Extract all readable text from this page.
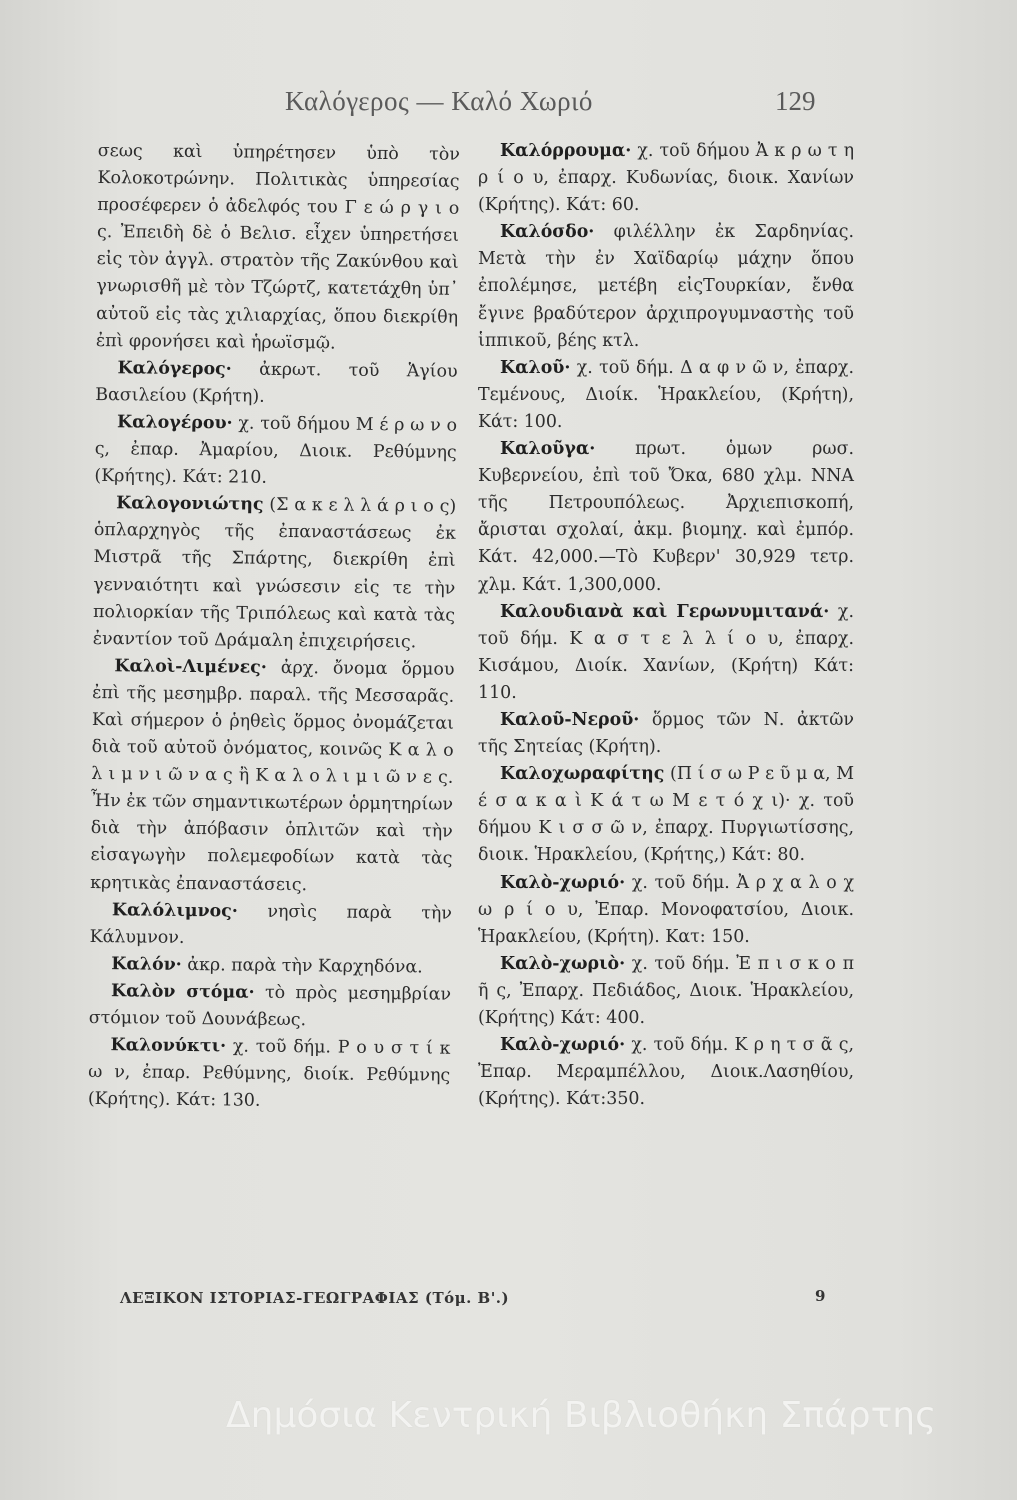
Καλόγερος — Καλό Χωριό	129

σεως καὶ ὑπηρέτησεν ὑπὸ τὸν Κολοκοτρώνην. Πολιτικὰς ὑπηρεσίας προσέφερεν ὁ ἀδελφός του Γ ε ώ ρ γ ι ο ς. Ἐπειδὴ δὲ ὁ Βελισ. εἶχεν ὑπηρετήσει εἰς τὸν ἀγγλ. στρατὸν τῆς Ζακύνθου καὶ γνωρισθῆ μὲ τὸν Τζώρτζ, κατετάχθη ὑπ᾽ αὐτοῦ εἰς τὰς χιλιαρχίας, ὅπου διεκρίθη ἐπὶ φρονήσει καὶ ἡρωϊσμῷ.

Καλόγερος· ἀκρωτ. τοῦ Ἁγίου Βασιλείου (Κρήτη).

Καλογέρου· χ. τοῦ δήμου Μ έ ρ ω ν ο ς, ἐπαρ. Ἀμαρίου, Διοικ. Ρεθύμνης (Κρήτης). Κάτ: 210.

Καλογονιώτης (Σ α κ ε λ λ ά ρ ι ο ς) ὁπλαρχηγὸς τῆς ἐπαναστάσεως ἐκ Μιστρᾶ τῆς Σπάρτης, διεκρίθη ἐπὶ γενναιότητι καὶ γνώσεσιν εἰς τε τὴν πολιορκίαν τῆς Τριπόλεως καὶ κατὰ τὰς ἐναντίον τοῦ Δράμαλη ἐπιχειρήσεις.

Καλοὶ-Λιμένες· ἀρχ. ὄνομα ὅρμου ἐπὶ τῆς μεσημβρ. παραλ. τῆς Μεσσαρᾶς. Καὶ σήμερον ὁ ῥηθεὶς ὅρμος ὀνομάζεται διὰ τοῦ αὐτοῦ ὀνόματος, κοινῶς Κ α λ ο λ ι μ ν ι ῶ ν α ς ἢ Κ α λ ο λ ι μ ι ῶ ν ε ς. Ἦν ἐκ τῶν σημαντικωτέρων ὁρμητηρίων διὰ τὴν ἀπόβασιν ὁπλιτῶν καὶ τὴν εἰσαγωγὴν πολεμεφοδίων κατὰ τὰς κρητικὰς ἐπαναστάσεις.

Καλόλιμνος· νησὶς παρὰ τὴν Κάλυμνον.

Καλόν· ἀκρ. παρὰ τὴν Καρχηδόνα.

Καλὸν στόμα· τὸ πρὸς μεσημβρίαν στόμιον τοῦ Δουνάβεως.

Καλονύκτι· χ. τοῦ δήμ. Ρ ο υ σ τ ί κ ω ν, ἐπαρ. Ρεθύμνης, διοίκ. Ρεθύμνης (Κρήτης). Κάτ: 130.

Καλόρρουμα· χ. τοῦ δήμου Ἀ κ ρ ω τ η ρ ί ο υ, ἐπαρχ. Κυδωνίας, διοικ. Χανίων (Κρήτης). Κάτ: 60.

Καλόσδο· φιλέλλην ἐκ Σαρδηνίας. Μετὰ τὴν ἐν Χαϊδαρίῳ μάχην ὅπου ἐπολέμησε, μετέβη εἰςΤουρκίαν, ἔνθα ἔγινε βραδύτερον ἀρχιπρογυμναστὴς τοῦ ἱππικοῦ, βέης κτλ.

Καλοῦ· χ. τοῦ δήμ. Δ α φ ν ῶ ν, ἐπαρχ. Τεμένους, Διοίκ. Ἡρακλείου, (Κρήτη), Κάτ: 100.

Καλοῦγα· πρωτ. ὁμων ρωσ. Κυβερνείου, ἐπὶ τοῦ Ὄκα, 680 χλμ. ΝΝΑ τῆς Πετρουπόλεως. Ἀρχιεπισκοπή, ἄρισται σχολαί, ἀκμ. βιομηχ. καὶ ἐμπόρ. Κάτ. 42,000.—Τὸ Κυβερν' 30,929 τετρ. χλμ. Κάτ. 1,300,000.

Καλουδιανὰ καὶ Γερωνυμιτανά· χ. τοῦ δήμ. Κ α σ τ ε λ λ ί ο υ, ἐπαρχ. Κισάμου, Διοίκ. Χανίων, (Κρήτη) Κάτ: 110.

Καλοῦ-Νεροῦ· ὅρμος τῶν Ν. ἀκτῶν τῆς Σητείας (Κρήτη).

Καλοχωραφίτης (Π ί σ ω Ρ ε ῦ μ α, Μ έ σ α κ α ὶ Κ ά τ ω Μ ε τ ό χ ι)· χ. τοῦ δήμου Κ ι σ σ ῶ ν, ἐπαρχ. Πυργιωτίσσης, διοικ. Ἡρακλείου, (Κρήτης,) Κάτ: 80.

Καλὸ-χωριό· χ. τοῦ δήμ. Ἀ ρ χ α λ ο χ ω ρ ί ο υ, Ἐπαρ. Μονοφατσίου, Διοικ. Ἡρακλείου, (Κρήτη). Κατ: 150.

Καλὸ-χωριὸ· χ. τοῦ δήμ. Ἐ π ι σ κ ο π ῆ ς, Ἐπαρχ. Πεδιάδος, Διοικ. Ἡρακλείου, (Κρήτης) Κάτ: 400.

Καλὸ-χωριό· χ. τοῦ δήμ. Κ ρ η τ σ ᾶ ς, Ἐπαρ. Μεραμπέλλου, Διοικ.Λασηθίου, (Κρήτης). Κάτ:350.

ΛΕΞΙΚΟΝ ΙΣΤΟΡΙΑΣ-ΓΕΩΓΡΑΦΙΑΣ (Τόμ. Β'.)	9
Δημόσια Κεντρική Βιβλιοθήκη Σπάρτης
